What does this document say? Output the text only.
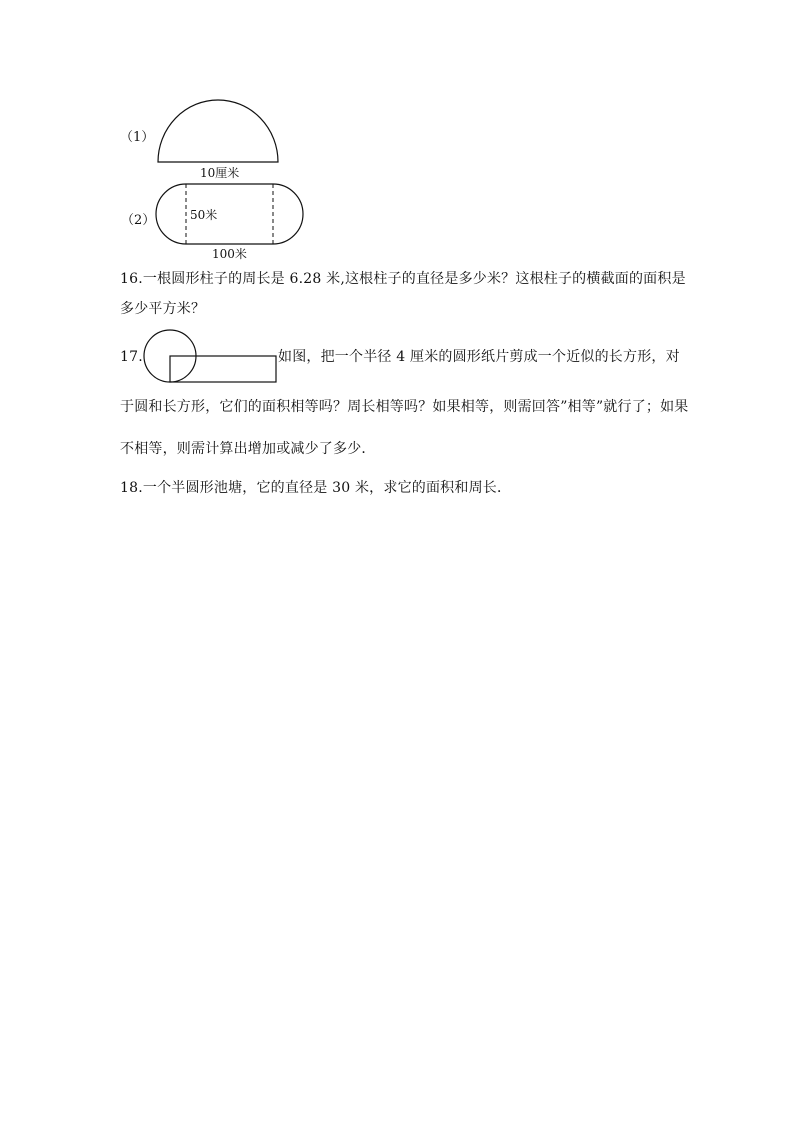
（1）
10厘米
（2）	50米
100米
16.一根圆形柱子的周长是 6.28 米,这根柱子的直径是多少米？这根柱子的横截面的面积是
多少平方米？
17.	如图，把一个半径 4 厘米的圆形纸片剪成一个近似的长方形，对
于圆和长方形，它们的面积相等吗？周长相等吗？如果相等，则需回答”相等”就行了；如果
不相等，则需计算出增加或减少了多少．
18.一个半圆形池塘，它的直径是 30 米，求它的面积和周长．
